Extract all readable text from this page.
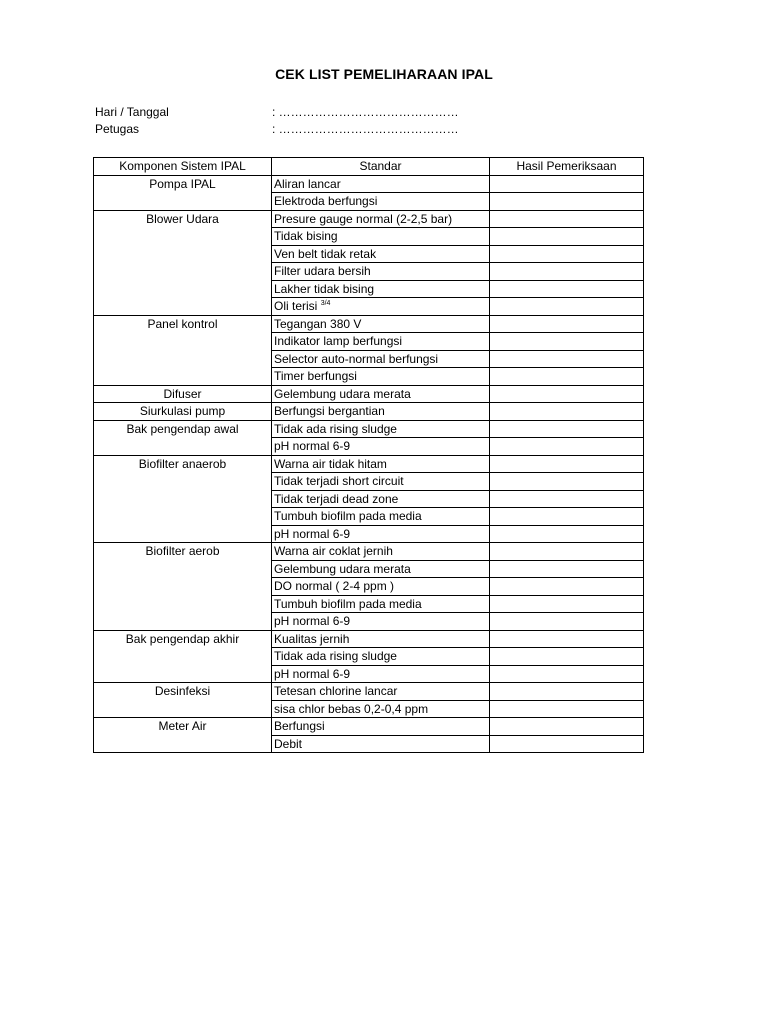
CEK LIST PEMELIHARAAN IPAL
Hari / Tanggal	: ………………………………………
Petugas	: ………………………………………
Komponen Sistem IPAL	Standar	Hasil Pemeriksaan
Pompa IPAL	Aliran lancar	
	Elektroda berfungsi	
Blower Udara	Presure gauge normal (2-2,5 bar)	
	Tidak bising	
	Ven belt tidak retak	
	Filter udara bersih	
	Lakher tidak bising	
	Oli terisi $^{3/4}$	
Panel kontrol	Tegangan 380 V	
	Indikator lamp berfungsi	
	Selector auto-normal berfungsi	
	Timer berfungsi	
Difuser	Gelembung udara merata	
Siurkulasi pump	Berfungsi bergantian	
Bak pengendap awal	Tidak ada rising sludge	
	pH normal 6-9	
Biofilter anaerob	Warna air tidak hitam	
	Tidak terjadi short circuit	
	Tidak terjadi dead zone	
	Tumbuh biofilm pada media	
	pH normal 6-9	
Biofilter aerob	Warna air coklat jernih	
	Gelembung udara merata	
	DO normal ( 2-4 ppm )	
	Tumbuh biofilm pada media	
	pH normal 6-9	
Bak pengendap akhir	Kualitas jernih	
	Tidak ada rising sludge	
	pH normal 6-9	
Desinfeksi	Tetesan chlorine lancar	
	sisa chlor bebas 0,2-0,4 ppm	
Meter Air	Berfungsi	
	Debit	
